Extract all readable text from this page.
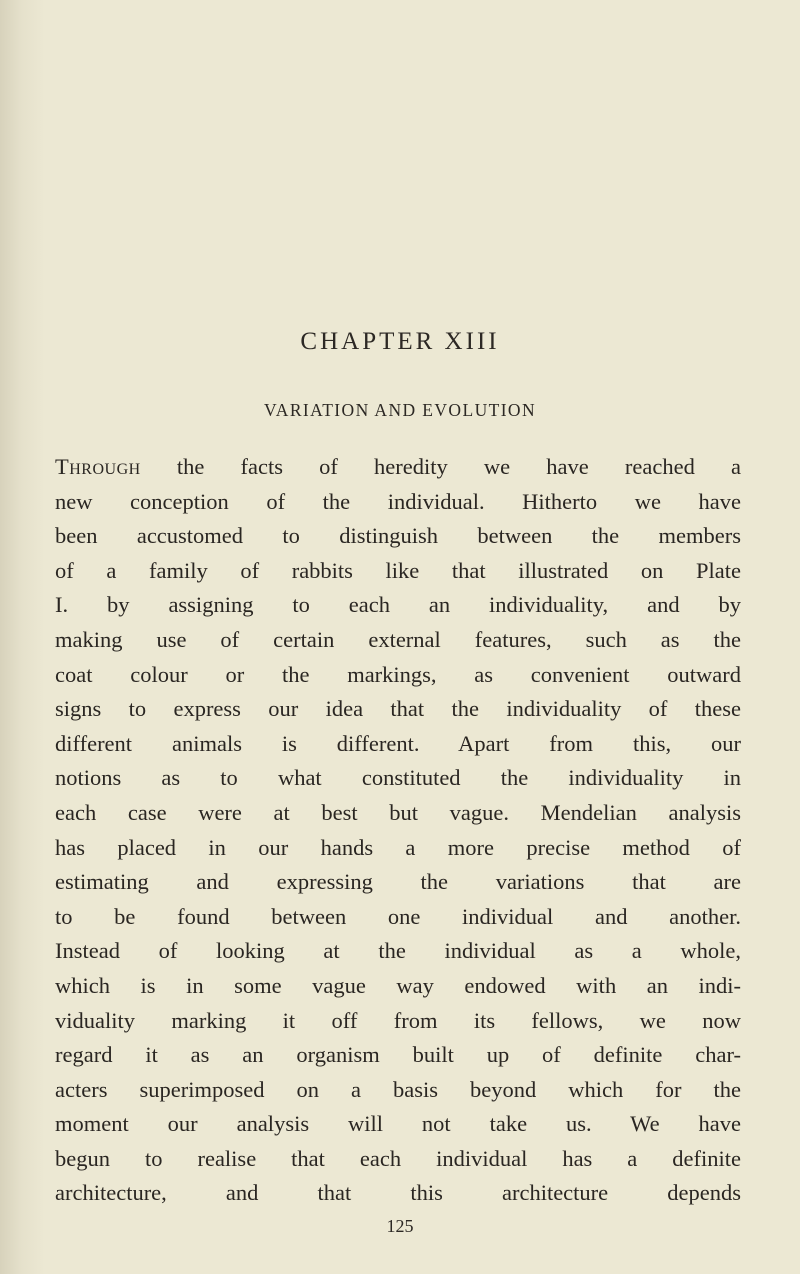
CHAPTER XIII
VARIATION AND EVOLUTION
Through the facts of heredity we have reached a
new conception of the individual. Hitherto we have
been accustomed to distinguish between the members
of a family of rabbits like that illustrated on Plate
I. by assigning to each an individuality, and by
making use of certain external features, such as the
coat colour or the markings, as convenient outward
signs to express our idea that the individuality of these
different animals is different. Apart from this, our
notions as to what constituted the individuality in
each case were at best but vague. Mendelian analysis
has placed in our hands a more precise method of
estimating and expressing the variations that are
to be found between one individual and another.
Instead of looking at the individual as a whole,
which is in some vague way endowed with an indi-
viduality marking it off from its fellows, we now
regard it as an organism built up of definite char-
acters superimposed on a basis beyond which for the
moment our analysis will not take us. We have
begun to realise that each individual has a definite
architecture, and that this architecture depends
125
